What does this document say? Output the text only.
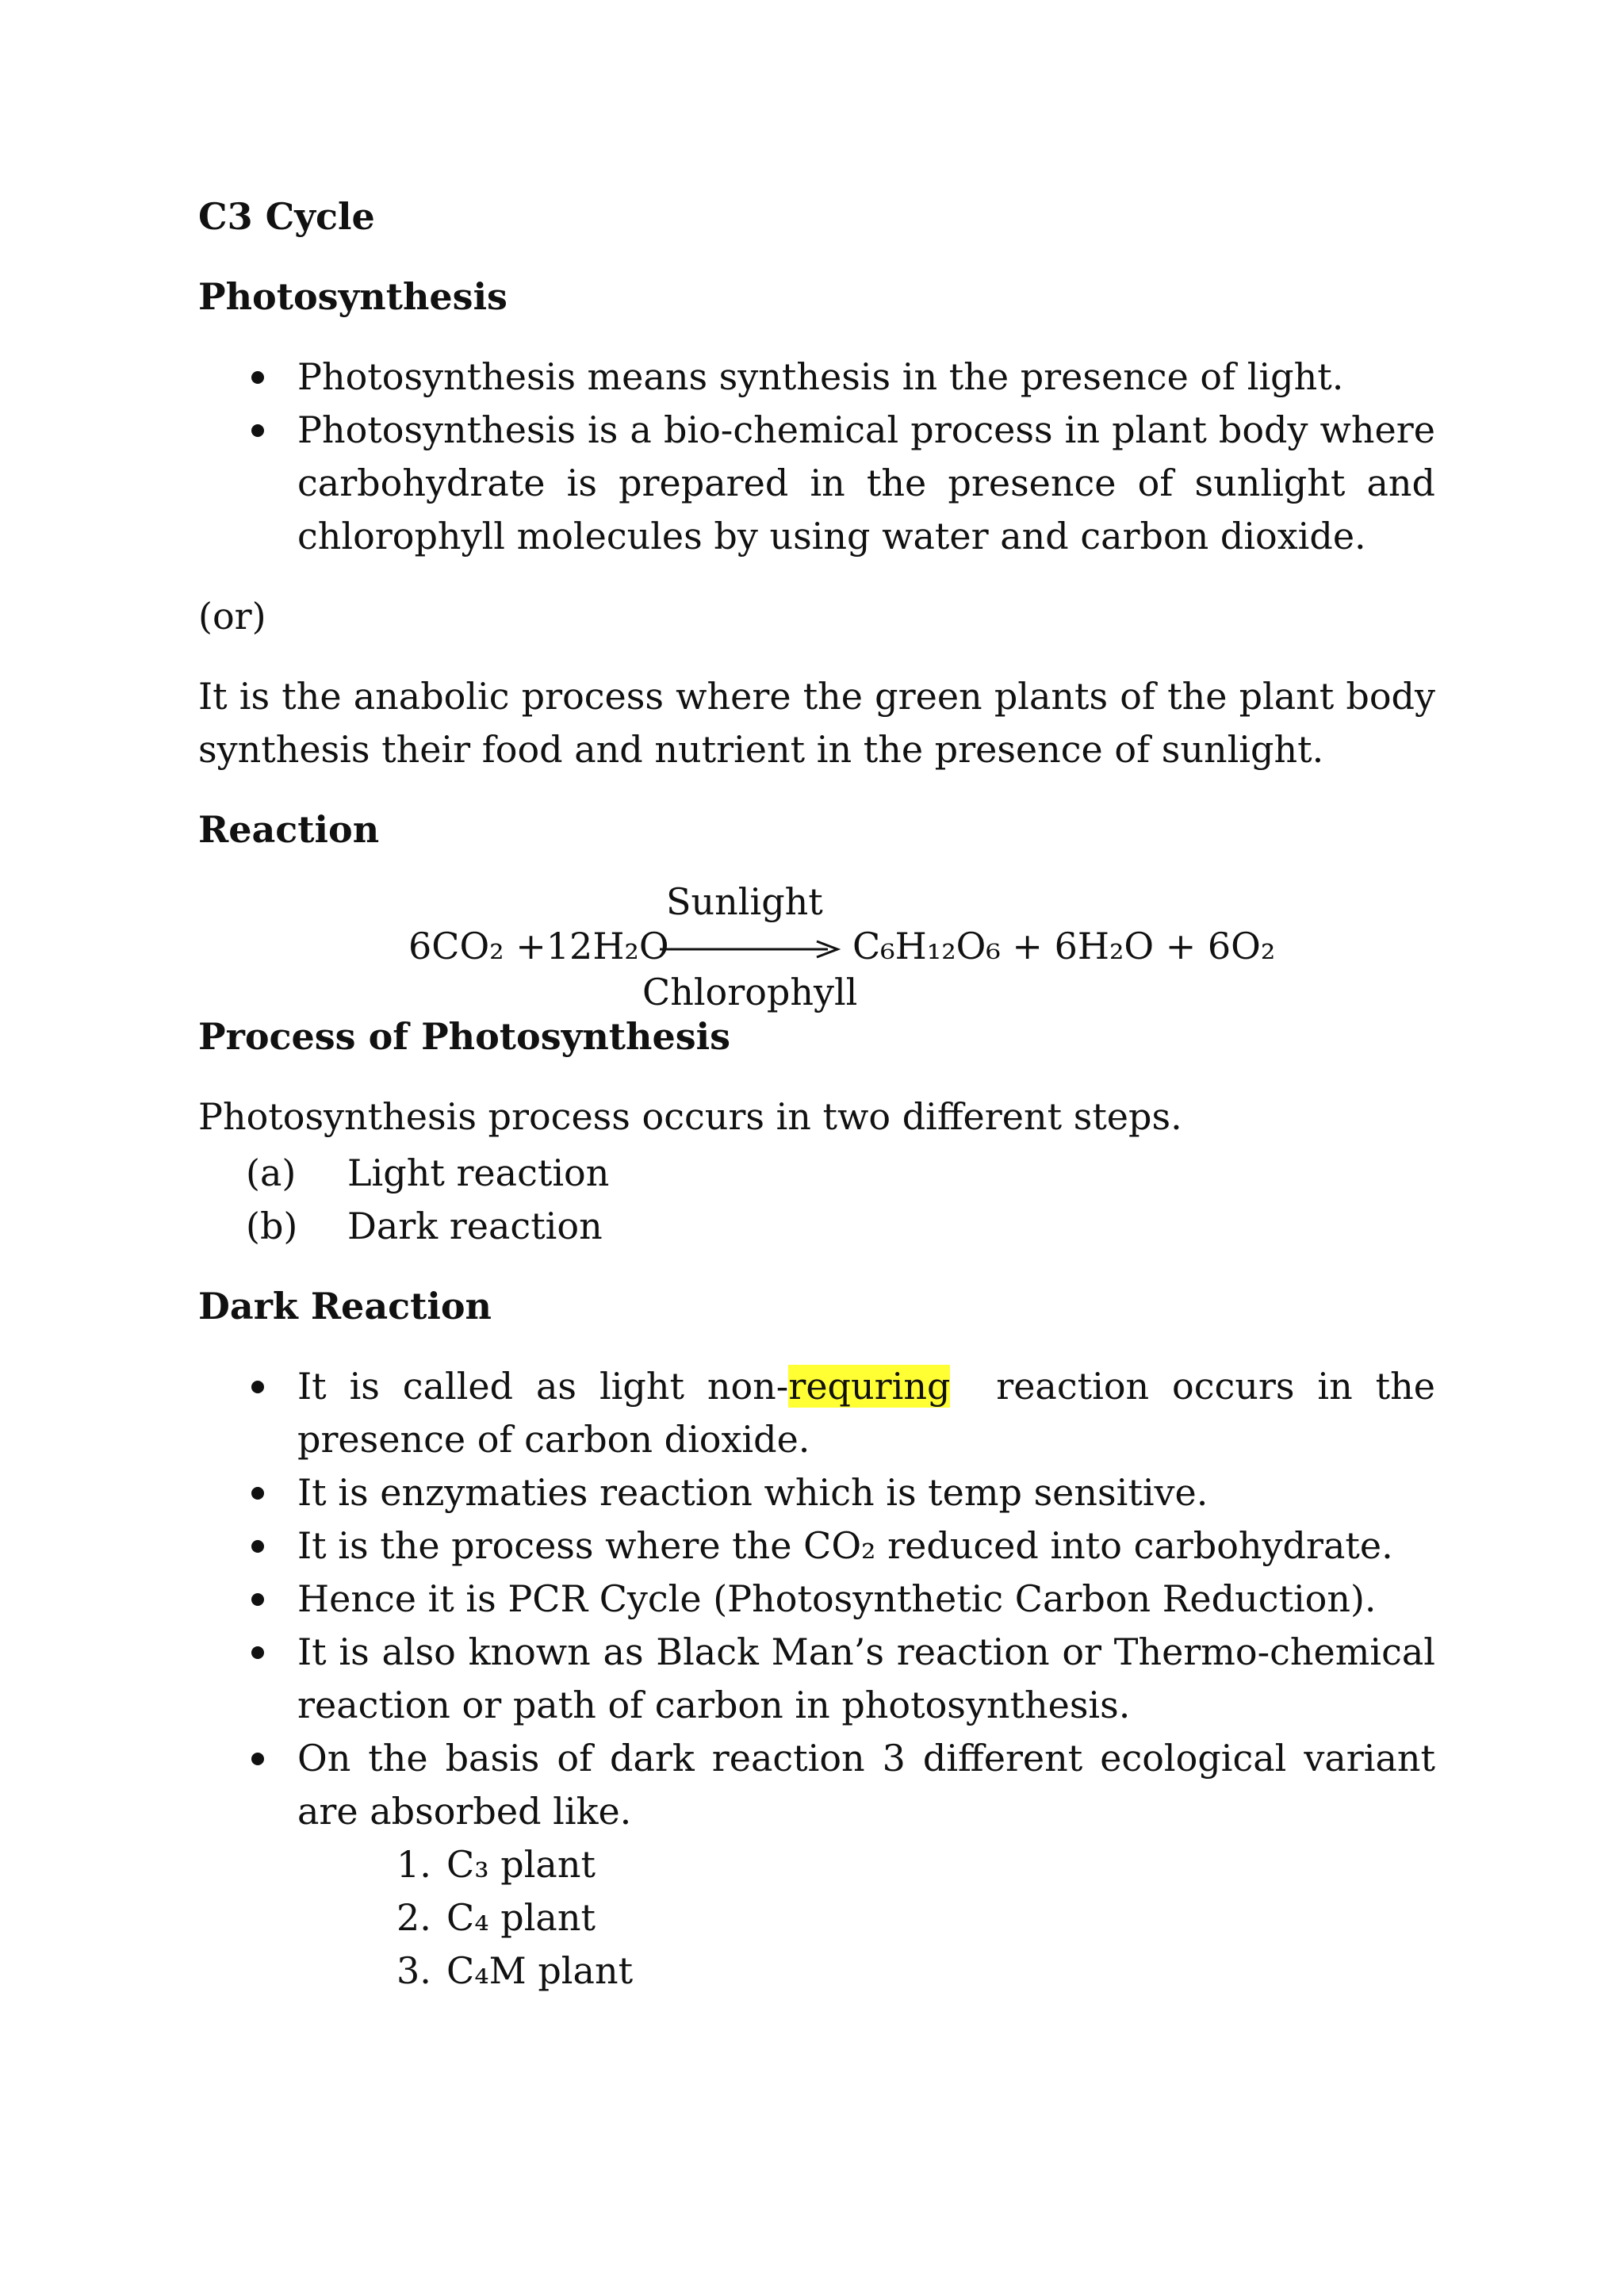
C3 Cycle

Photosynthesis

Photosynthesis means synthesis in the presence of light.
Photosynthesis is a bio-chemical process in plant body where carbohydrate is prepared in the presence of sunlight and chlorophyll molecules by using water and carbon dioxide.

(or)

It is the anabolic process where the green plants of the plant body synthesis their food and nutrient in the presence of sunlight.

Reaction

Sunlight
6CO₂ +12H₂O	C₆H₁₂O₆ + 6H₂O + 6O₂
Chlorophyll

Process of Photosynthesis

Photosynthesis process occurs in two different steps.

(a) Light reaction
(b) Dark reaction

Dark Reaction

It is called as light non-requring  reaction occurs in the presence of carbon dioxide.
It is enzymaties reaction which is temp sensitive.
It is the process where the CO₂ reduced into carbohydrate.
Hence it is PCR Cycle (Photosynthetic Carbon Reduction).
It is also known as Black Man’s reaction or Thermo-chemical reaction or path of carbon in photosynthesis.
On the basis of dark reaction 3 different ecological variant are absorbed like.
1. C₃ plant
2. C₄ plant
3. C₄M plant
